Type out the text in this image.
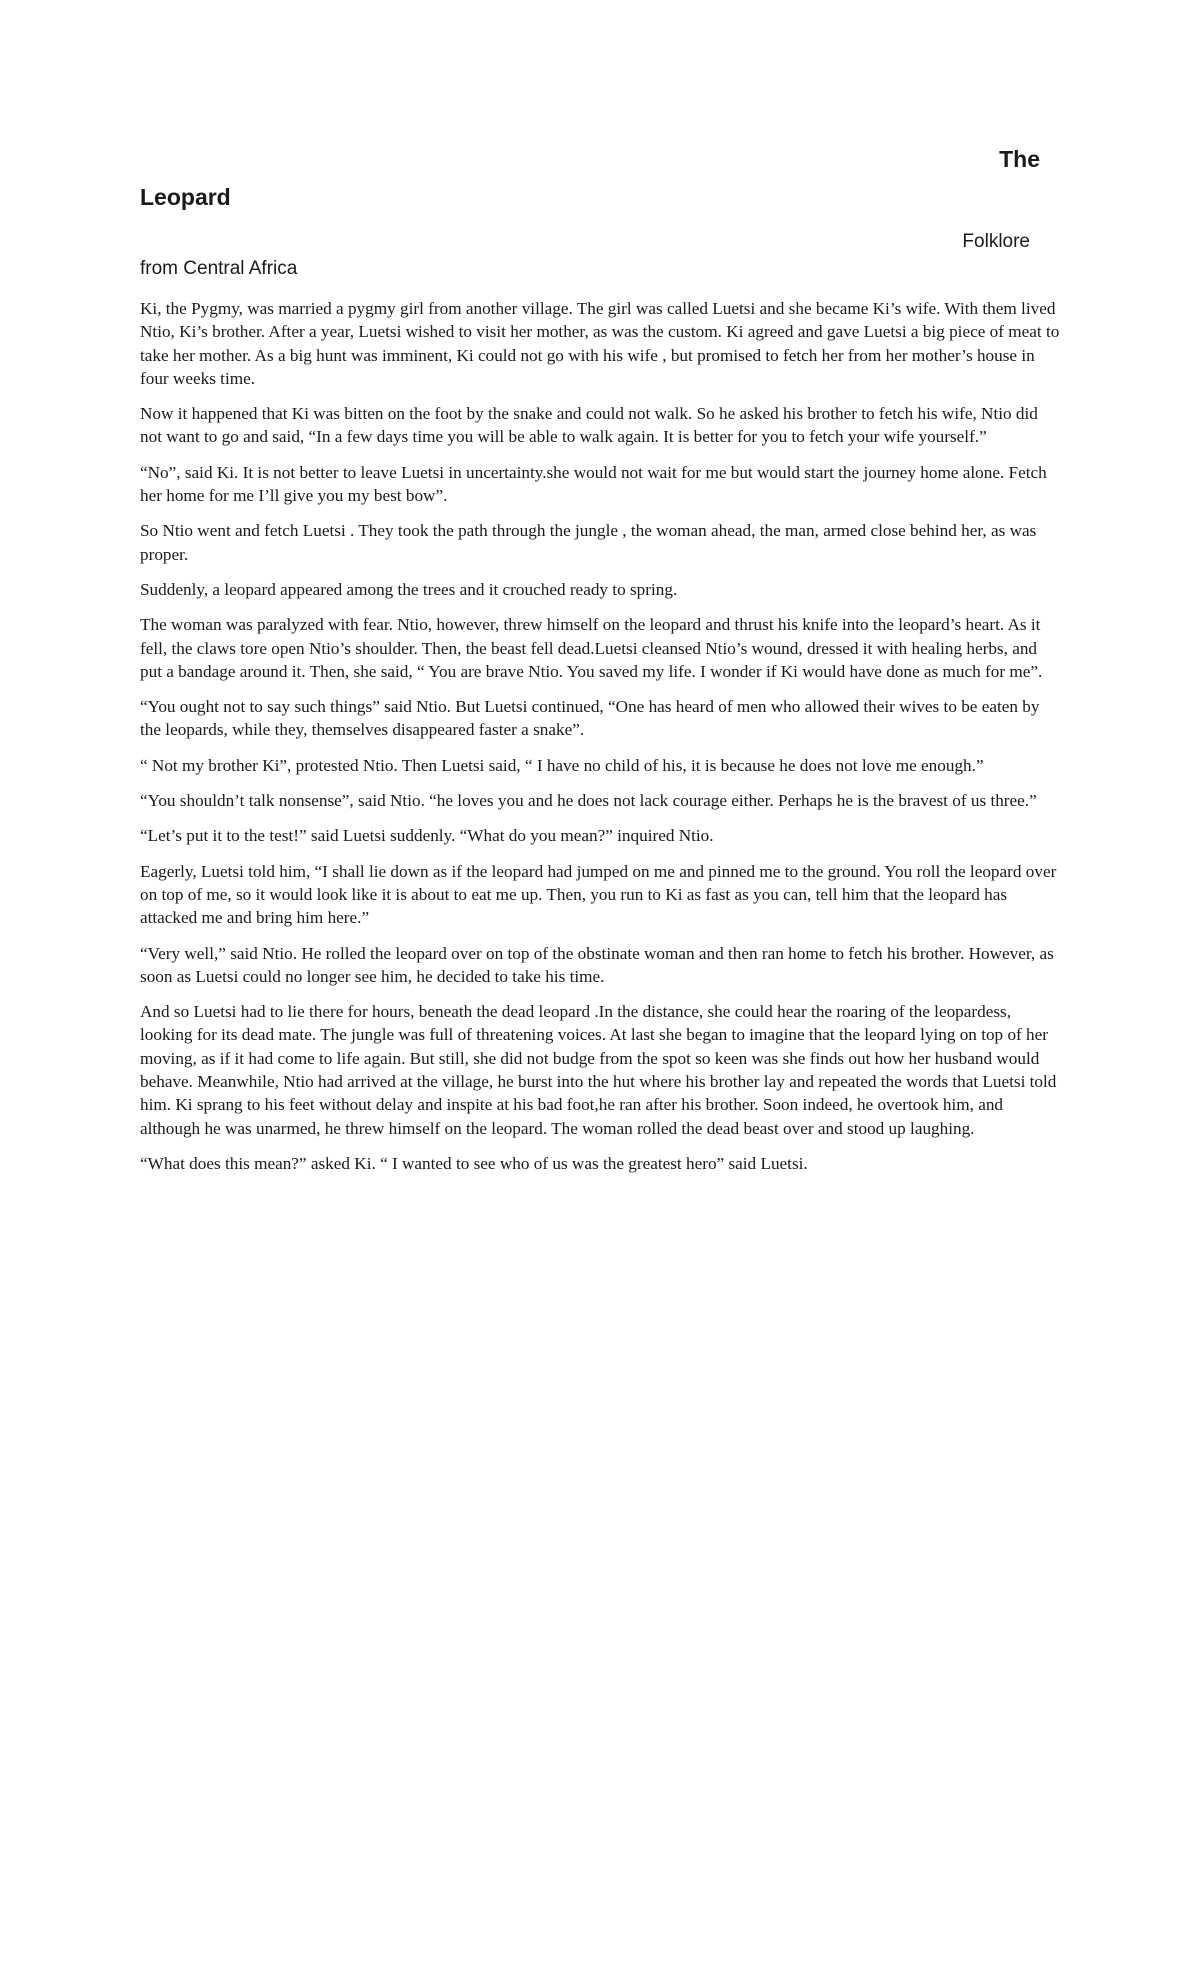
The
Leopard
Folklore
from Central Africa

Ki, the Pygmy, was married a pygmy girl from another village. The girl was called Luetsi and she became Ki’s wife. With them lived Ntio, Ki’s brother. After a year, Luetsi wished to visit her mother, as was the custom. Ki agreed and gave Luetsi a big piece of meat to take her mother. As a big hunt was imminent, Ki could not go with his wife , but promised to fetch her from her mother’s house in four weeks time.

Now it happened that Ki was bitten on the foot by the snake and could not walk. So he asked his brother to fetch his wife, Ntio did not want to go and said, “In a few days time you will be able to walk again. It is better for you to fetch your wife yourself.”

“No”, said Ki. It is not better to leave Luetsi in uncertainty.she would not wait for me but would start the journey home alone. Fetch her home for me I’ll give you my best bow”.

So Ntio went and fetch Luetsi . They took the path through the jungle , the woman ahead, the man, armed close behind her, as was proper.

Suddenly, a leopard appeared among the trees and it crouched ready to spring.

The woman was paralyzed with fear. Ntio, however, threw himself on the leopard and thrust his knife into the leopard’s heart. As it fell, the claws tore open Ntio’s shoulder. Then, the beast fell dead.Luetsi cleansed Ntio’s wound, dressed it with healing herbs, and put a bandage around it. Then, she said, “ You are brave Ntio. You saved my life. I wonder if Ki would have done as much for me”.

“You ought not to say such things” said Ntio. But Luetsi continued, “One has heard of men who allowed their wives to be eaten by the leopards, while they, themselves disappeared faster a snake”.

“ Not my brother Ki”, protested Ntio. Then Luetsi said, “ I have no child of his, it is because he does not love me enough.”

“You shouldn’t talk nonsense”, said Ntio. “he loves you and he does not lack courage either. Perhaps he is the bravest of us three.”

“Let’s put it to the test!” said Luetsi suddenly. “What do you mean?” inquired Ntio.

Eagerly, Luetsi told him, “I shall lie down as if the leopard had jumped on me and pinned me to the ground. You roll the leopard over on top of me, so it would look like it is about to eat me up. Then, you run to Ki as fast as you can, tell him that the leopard has attacked me and bring him here.”

“Very well,” said Ntio. He rolled the leopard over on top of the obstinate woman and then ran home to fetch his brother. However, as soon as Luetsi could no longer see him, he decided to take his time.

And so Luetsi had to lie there for hours, beneath the dead leopard .In the distance, she could hear the roaring of the leopardess, looking for its dead mate. The jungle was full of threatening voices. At last she began to imagine that the leopard lying on top of her moving, as if it had come to life again. But still, she did not budge from the spot so keen was she finds out how her husband would behave. Meanwhile, Ntio had arrived at the village, he burst into the hut where his brother lay and repeated the words that Luetsi told him. Ki sprang to his feet without delay and inspite at his bad foot,he ran after his brother. Soon indeed, he overtook him, and although he was unarmed, he threw himself on the leopard. The woman rolled the dead beast over and stood up laughing.

“What does this mean?” asked Ki. “ I wanted to see who of us was the greatest hero” said Luetsi.
